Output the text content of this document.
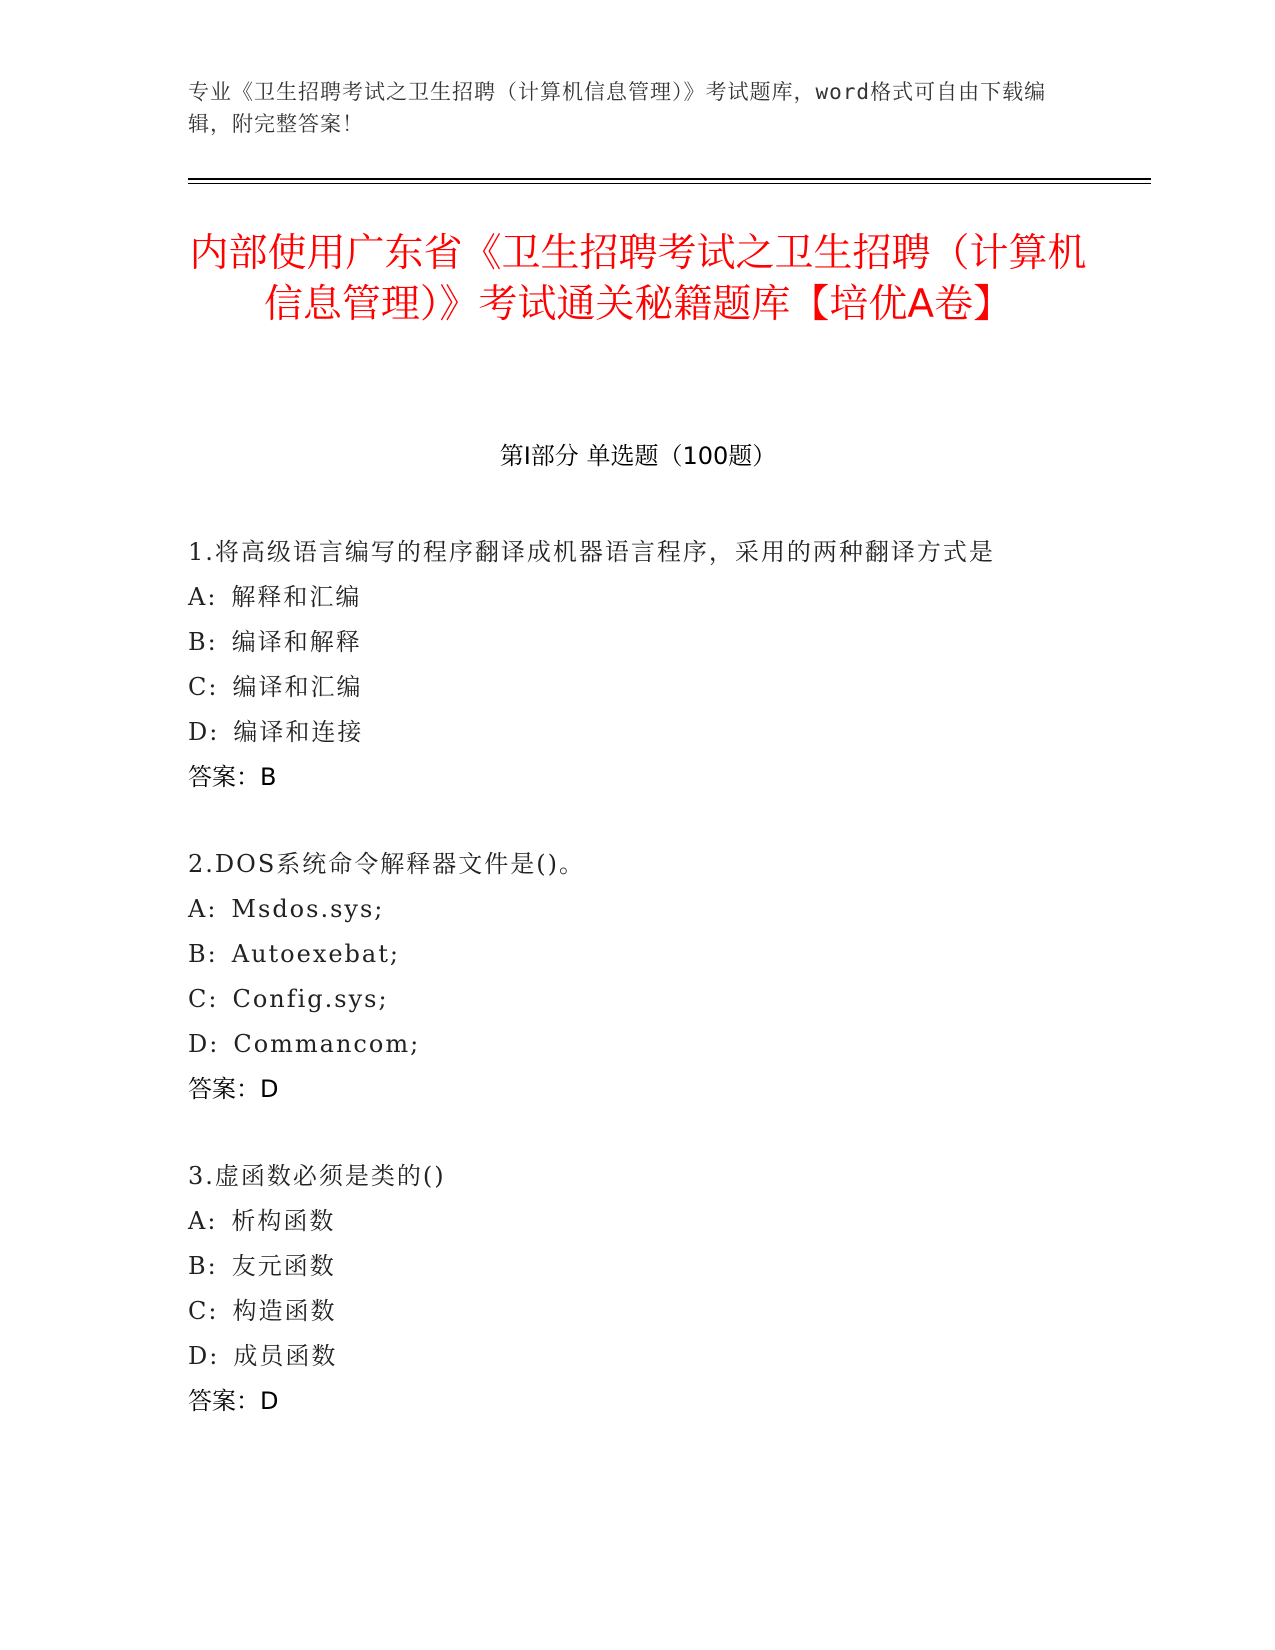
专业《卫生招聘考试之卫生招聘（计算机信息管理）》考试题库，word格式可自由下载编辑，附完整答案！
内部使用广东省《卫生招聘考试之卫生招聘（计算机信息管理）》考试通关秘籍题库【培优A卷】
第I部分 单选题（100题）
1.将高级语言编写的程序翻译成机器语言程序，采用的两种翻译方式是
A: 解释和汇编
B: 编译和解释
C: 编译和汇编
D: 编译和连接
答案：B
2.DOS系统命令解释器文件是()。
A: Msdos.sys;
B: Autoexebat;
C: Config.sys;
D: Commancom;
答案：D
3.虚函数必须是类的()
A: 析构函数
B: 友元函数
C: 构造函数
D: 成员函数
答案：D
